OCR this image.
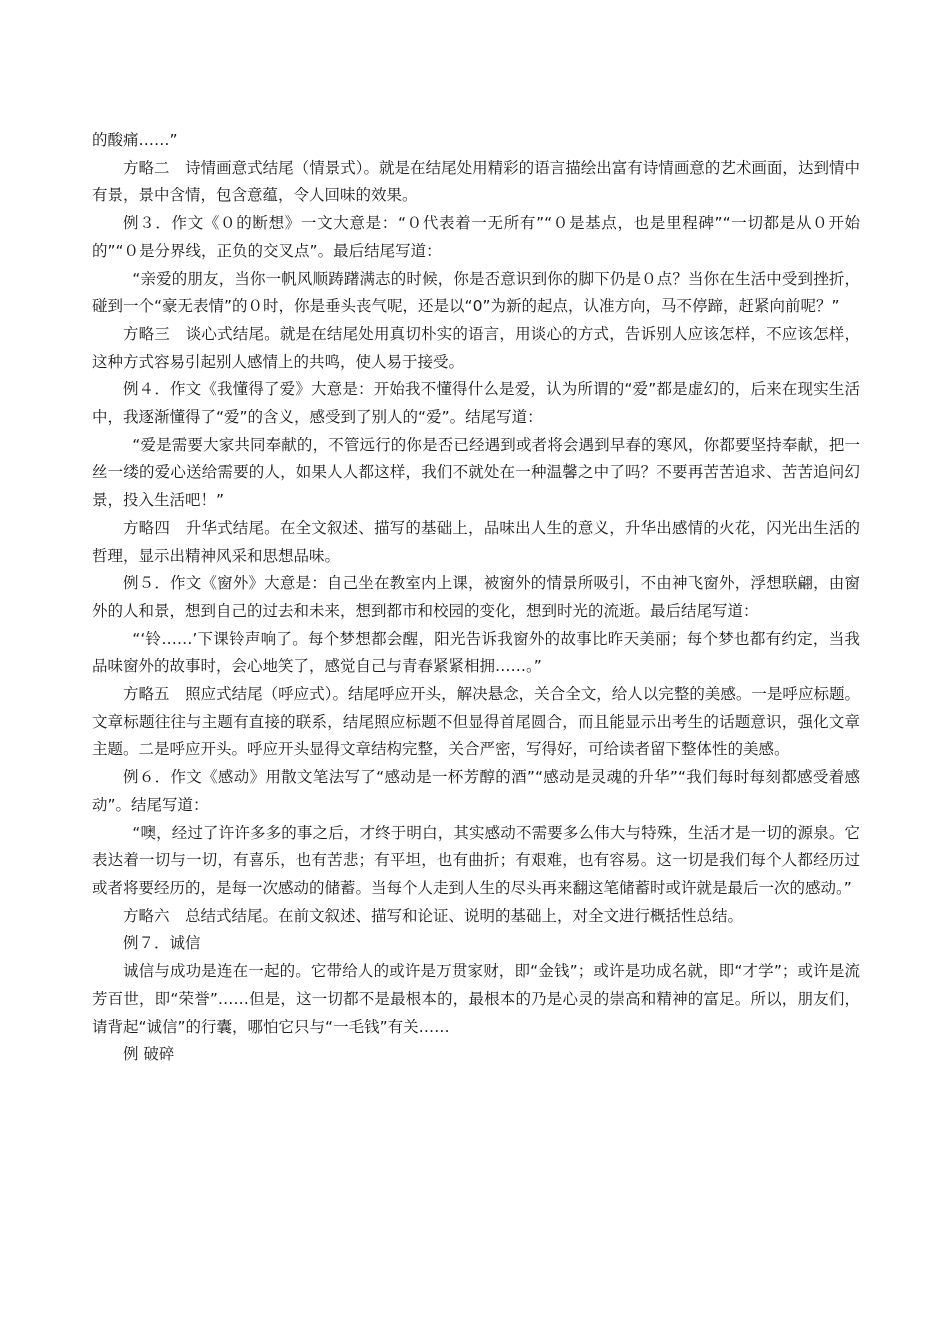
的酸痛……”

方略二　诗情画意式结尾（情景式）。就是在结尾处用精彩的语言描绘出富有诗情画意的艺术画面，达到情中有景，景中含情，包含意蕴，令人回味的效果。

例３．作文《０的断想》一文大意是：“０代表着一无所有”“０是基点，也是里程碑”“一切都是从０开始的”“０是分界线，正负的交叉点”。最后结尾写道：

“亲爱的朋友，当你一帆风顺踌躇满志的时候，你是否意识到你的脚下仍是０点？当你在生活中受到挫折，碰到一个“豪无表情”的０时，你是垂头丧气呢，还是以“0”为新的起点，认准方向，马不停蹄，赶紧向前呢？”

方略三　谈心式结尾。就是在结尾处用真切朴实的语言，用谈心的方式，告诉别人应该怎样，不应该怎样，这种方式容易引起别人感情上的共鸣，使人易于接受。

例４．作文《我懂得了爱》大意是：开始我不懂得什么是爱，认为所谓的“爱”都是虚幻的，后来在现实生活中，我逐渐懂得了“爱”的含义，感受到了别人的“爱”。结尾写道：

“爱是需要大家共同奉献的，不管远行的你是否已经遇到或者将会遇到早春的寒风，你都要坚持奉献，把一丝一缕的爱心送给需要的人，如果人人都这样，我们不就处在一种温馨之中了吗？不要再苦苦追求、苦苦追问幻景，投入生活吧！”

方略四　升华式结尾。在全文叙述、描写的基础上，品味出人生的意义，升华出感情的火花，闪光出生活的哲理，显示出精神风采和思想品味。

例５．作文《窗外》大意是：自己坐在教室内上课，被窗外的情景所吸引，不由神飞窗外，浮想联翩，由窗外的人和景，想到自己的过去和未来，想到都市和校园的变化，想到时光的流逝。最后结尾写道：

“‘铃……’下课铃声响了。每个梦想都会醒，阳光告诉我窗外的故事比昨天美丽；每个梦也都有约定，当我品味窗外的故事时，会心地笑了，感觉自己与青春紧紧相拥……。”

方略五　照应式结尾（呼应式）。结尾呼应开头，解决悬念，关合全文，给人以完整的美感。一是呼应标题。文章标题往往与主题有直接的联系，结尾照应标题不但显得首尾圆合，而且能显示出考生的话题意识，强化文章主题。二是呼应开头。呼应开头显得文章结构完整，关合严密，写得好，可给读者留下整体性的美感。

例６．作文《感动》用散文笔法写了“感动是一杯芳醇的酒”“感动是灵魂的升华”“我们每时每刻都感受着感动”。结尾写道：

“噢，经过了许许多多的事之后，才终于明白，其实感动不需要多么伟大与特殊，生活才是一切的源泉。它表达着一切与一切，有喜乐，也有苦悲；有平坦，也有曲折；有艰难，也有容易。这一切是我们每个人都经历过或者将要经历的，是每一次感动的储蓄。当每个人走到人生的尽头再来翻这笔储蓄时或许就是最后一次的感动。”

方略六　总结式结尾。在前文叙述、描写和论证、说明的基础上，对全文进行概括性总结。

例７．诚信

诚信与成功是连在一起的。它带给人的或许是万贯家财，即“金钱”；或许是功成名就，即“才学”；或许是流芳百世，即“荣誉”……但是，这一切都不是最根本的，最根本的乃是心灵的崇高和精神的富足。所以，朋友们，请背起“诚信”的行囊，哪怕它只与“一毛钱”有关……

例 破碎
